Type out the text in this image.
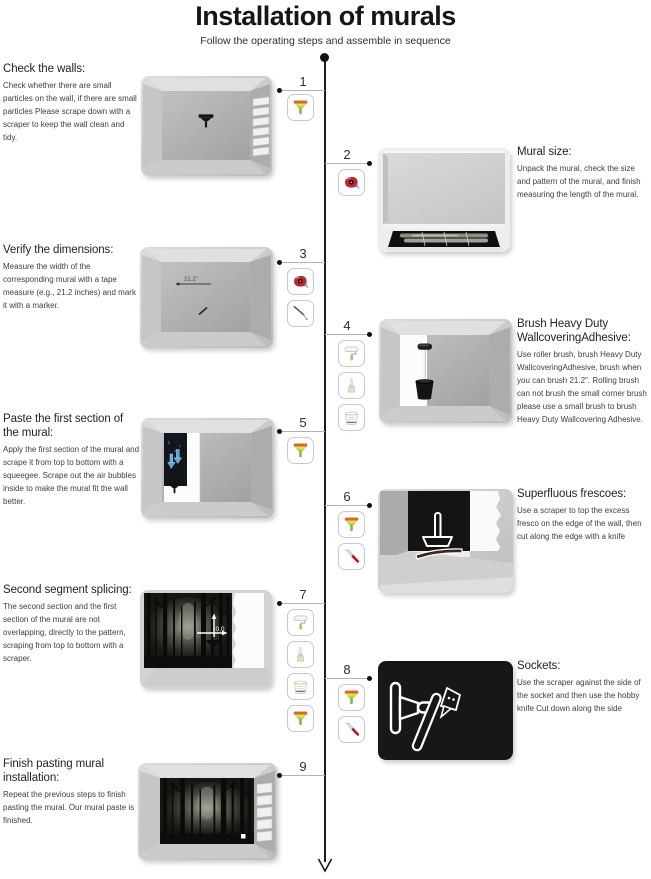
Installation of murals
Follow the operating steps and assemble in sequence
1
Check the walls:

Check whether there are small particles on the wall, if there are small particles Please scrape down with a scraper to keep the wall clean and tidy.

2	Mural size:

Unpack the mural, check the size and pattern of the mural, and finish measuring the length of the mural.

3
Verify the dimensions:

Measure the width of the corresponding mural with a tape measure (e.g., 21.2 inches) and mark it with a marker.

21.2"
4	Brush Heavy Duty WallcoveringAdhesive:

Use roller brush, brush Heavy Duty WallcoveringAdhesive, brush when you can brush 21.2". Rolling brush can not brush the small corner brush please use a small brush to brush Heavy Duty Wallcovering Adhesive.

5
Paste the first section of the mural:

Apply the first section of the mural and scrape it from top to bottom with a squeegee. Scrape out the air bubbles inside to make the mural fit the wall better.	6	Superfluous frescoes:

Use a scraper to top the excess fresco on the edge of the wall, then cut along the edge with a knife

7
Second segment splicing:

The second section and the first section of the mural are not overlapping, directly to the pattern, scraping from top to bottom with a scraper.

0,0
8	Sockets:

Use the scraper against the side of the socket and then use the hobby knife Cut down along the side

9
Finish pasting mural installation:

Repeat the previous steps to finish pasting the mural. Our mural paste is finished.
